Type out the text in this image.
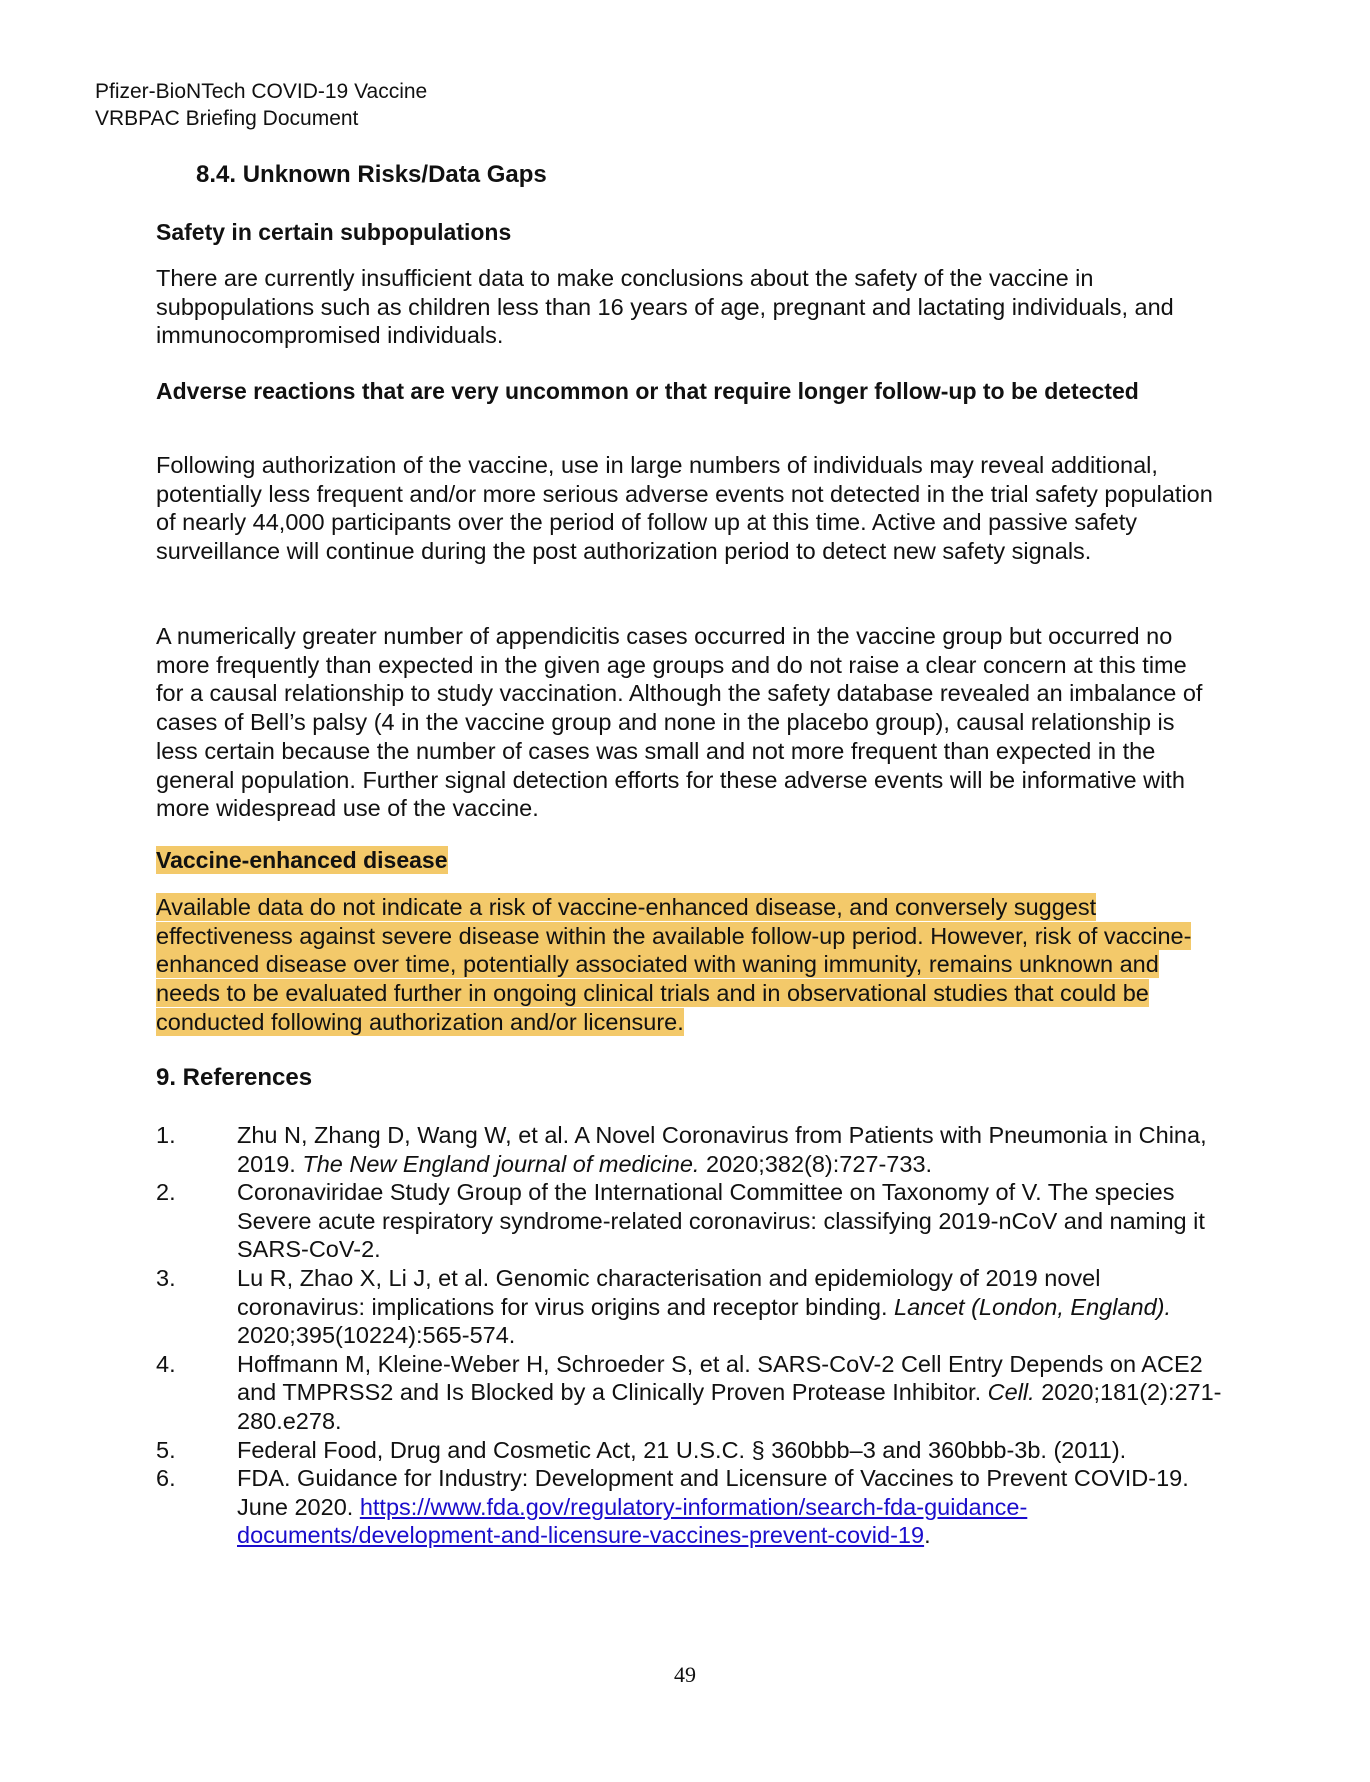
Pfizer-BioNTech COVID-19 Vaccine
VRBPAC Briefing Document
8.4. Unknown Risks/Data Gaps
Safety in certain subpopulations
There are currently insufficient data to make conclusions about the safety of the vaccine in subpopulations such as children less than 16 years of age, pregnant and lactating individuals, and immunocompromised individuals.
Adverse reactions that are very uncommon or that require longer follow-up to be detected
Following authorization of the vaccine, use in large numbers of individuals may reveal additional, potentially less frequent and/or more serious adverse events not detected in the trial safety population of nearly 44,000 participants over the period of follow up at this time. Active and passive safety surveillance will continue during the post authorization period to detect new safety signals.
A numerically greater number of appendicitis cases occurred in the vaccine group but occurred no more frequently than expected in the given age groups and do not raise a clear concern at this time for a causal relationship to study vaccination. Although the safety database revealed an imbalance of cases of Bell’s palsy (4 in the vaccine group and none in the placebo group), causal relationship is less certain because the number of cases was small and not more frequent than expected in the general population. Further signal detection efforts for these adverse events will be informative with more widespread use of the vaccine.
Vaccine-enhanced disease
Available data do not indicate a risk of vaccine-enhanced disease, and conversely suggest effectiveness against severe disease within the available follow-up period. However, risk of vaccine-enhanced disease over time, potentially associated with waning immunity, remains unknown and needs to be evaluated further in ongoing clinical trials and in observational studies that could be conducted following authorization and/or licensure.
9. References
1.	Zhu N, Zhang D, Wang W, et al. A Novel Coronavirus from Patients with Pneumonia in China, 2019. The New England journal of medicine. 2020;382(8):727-733.
2.	Coronaviridae Study Group of the International Committee on Taxonomy of V. The species Severe acute respiratory syndrome-related coronavirus: classifying 2019-nCoV and naming it SARS-CoV-2.
3.	Lu R, Zhao X, Li J, et al. Genomic characterisation and epidemiology of 2019 novel coronavirus: implications for virus origins and receptor binding. Lancet (London, England). 2020;395(10224):565-574.
4.	Hoffmann M, Kleine-Weber H, Schroeder S, et al. SARS-CoV-2 Cell Entry Depends on ACE2 and TMPRSS2 and Is Blocked by a Clinically Proven Protease Inhibitor. Cell. 2020;181(2):271-280.e278.
5.	Federal Food, Drug and Cosmetic Act, 21 U.S.C. § 360bbb–3 and 360bbb-3b. (2011).
6.	FDA. Guidance for Industry: Development and Licensure of Vaccines to Prevent COVID-19. June 2020. https://www.fda.gov/regulatory-information/search-fda-guidance-
documents/development-and-licensure-vaccines-prevent-covid-19.
49
